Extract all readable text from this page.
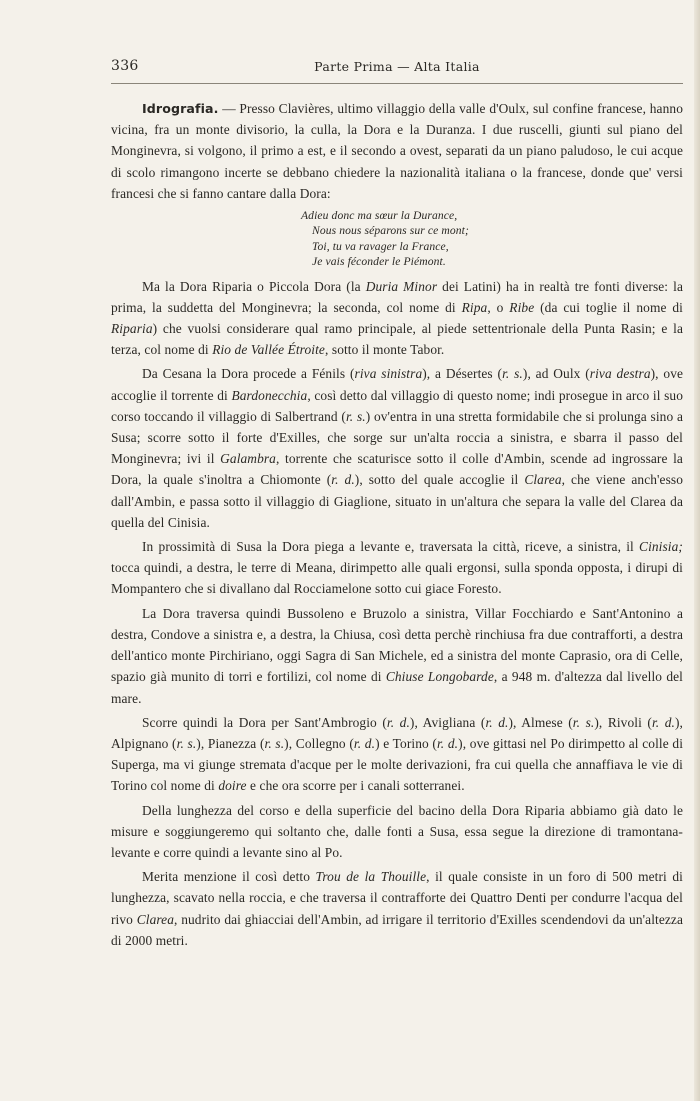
336	Parte Prima — Alta Italia

Idrografia. — Presso Clavières, ultimo villaggio della valle d'Oulx, sul confine francese, hanno vicina, fra un monte divisorio, la culla, la Dora e la Duranza. I due ruscelli, giunti sul piano del Monginevra, si volgono, il primo a est, e il secondo a ovest, separati da un piano paludoso, le cui acque di scolo rimangono incerte se debbano chiedere la nazionalità italiana o la francese, donde que' versi francesi che si fanno cantare dalla Dora:

Adieu donc ma sœur la Durance,
Nous nous séparons sur ce mont;
Toi, tu va ravager la France,
Je vais féconder le Piémont.

Ma la Dora Riparia o Piccola Dora (la Duria Minor dei Latini) ha in realtà tre fonti diverse: la prima, la suddetta del Monginevra; la seconda, col nome di Ripa, o Ribe (da cui toglie il nome di Riparia) che vuolsi considerare qual ramo principale, al piede settentrionale della Punta Rasin; e la terza, col nome di Rio de Vallée Étroite, sotto il monte Tabor.

Da Cesana la Dora procede a Fénils (riva sinistra), a Désertes (r. s.), ad Oulx (riva destra), ove accoglie il torrente di Bardonecchia, così detto dal villaggio di questo nome; indi prosegue in arco il suo corso toccando il villaggio di Salbertrand (r. s.) ov'entra in una stretta formidabile che si prolunga sino a Susa; scorre sotto il forte d'Exilles, che sorge sur un'alta roccia a sinistra, e sbarra il passo del Monginevra; ivi il Galambra, torrente che scaturisce sotto il colle d'Ambin, scende ad ingrossare la Dora, la quale s'inoltra a Chiomonte (r. d.), sotto del quale accoglie il Clarea, che viene anch'esso dall'Ambin, e passa sotto il villaggio di Giaglione, situato in un'altura che separa la valle del Clarea da quella del Cinisia.

In prossimità di Susa la Dora piega a levante e, traversata la città, riceve, a sinistra, il Cinisia; tocca quindi, a destra, le terre di Meana, dirimpetto alle quali ergonsi, sulla sponda opposta, i dirupi di Mompantero che si divallano dal Rocciamelone sotto cui giace Foresto.

La Dora traversa quindi Bussoleno e Bruzolo a sinistra, Villar Focchiardo e Sant'Antonino a destra, Condove a sinistra e, a destra, la Chiusa, così detta perchè rinchiusa fra due contrafforti, a destra dell'antico monte Pirchiriano, oggi Sagra di San Michele, ed a sinistra del monte Caprasio, ora di Celle, spazio già munito di torri e fortilizi, col nome di Chiuse Longobarde, a 948 m. d'altezza dal livello del mare.

Scorre quindi la Dora per Sant'Ambrogio (r. d.), Avigliana (r. d.), Almese (r. s.), Rivoli (r. d.), Alpignano (r. s.), Pianezza (r. s.), Collegno (r. d.) e Torino (r. d.), ove gittasi nel Po dirimpetto al colle di Superga, ma vi giunge stremata d'acque per le molte derivazioni, fra cui quella che annaffiava le vie di Torino col nome di doire e che ora scorre per i canali sotterranei.

Della lunghezza del corso e della superficie del bacino della Dora Riparia abbiamo già dato le misure e soggiungeremo qui soltanto che, dalle fonti a Susa, essa segue la direzione di tramontana-levante e corre quindi a levante sino al Po.

Merita menzione il così detto Trou de la Thouille, il quale consiste in un foro di 500 metri di lunghezza, scavato nella roccia, e che traversa il contrafforte dei Quattro Denti per condurre l'acqua del rivo Clarea, nudrito dai ghiacciai dell'Ambin, ad irrigare il territorio d'Exilles scendendovi da un'altezza di 2000 metri.
